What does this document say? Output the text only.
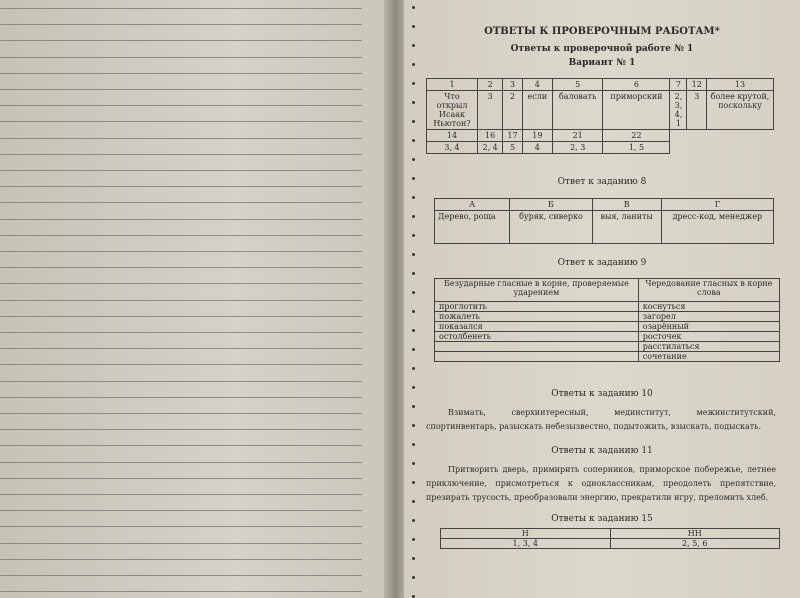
ОТВЕТЫ К ПРОВЕРОЧНЫМ РАБОТАМ*
Ответы к проверочной работе № 1
Вариант № 1
1	2	3	4	5	6	7	12	13
Что открыл Исаак Ньютон?	3	2	если	баловать	приморский	2, 3, 4, 1	3	более крутой, поскольку
14	16	17	19	21	22			
3, 4	2, 4	5	4	2, 3	1, 5			
Ответ к заданию 8
А	Б	В	Г
Дерево, роща	буряк, сиверко	выя, ланиты	дресс-код, менеджер
Ответ к заданию 9
Безударные гласные в корне, проверяемые ударением	Чередование гласных в корне слова
проглотить	коснуться
пожалеть	загорел
показался	озарённый
остолбенеть	росточек
	расстилаться
	сочетание
Ответы к заданию 10
Взимать, сверхинтересный, мединститут, межинститутский, спортинвентарь, разыскать небезызвестно, подытожить, взыскать, подыскать.
Ответы к заданию 11
Притворить дверь, примирить соперников, приморское побережье, летнее приключение, присмотреться к одноклассникам, преодолеть препятствие, презирать трусость, преобразовали энергию, прекратили игру, преломить хлеб.
Ответы к заданию 15
Н	НН
1, 3, 4	2, 5, 6
